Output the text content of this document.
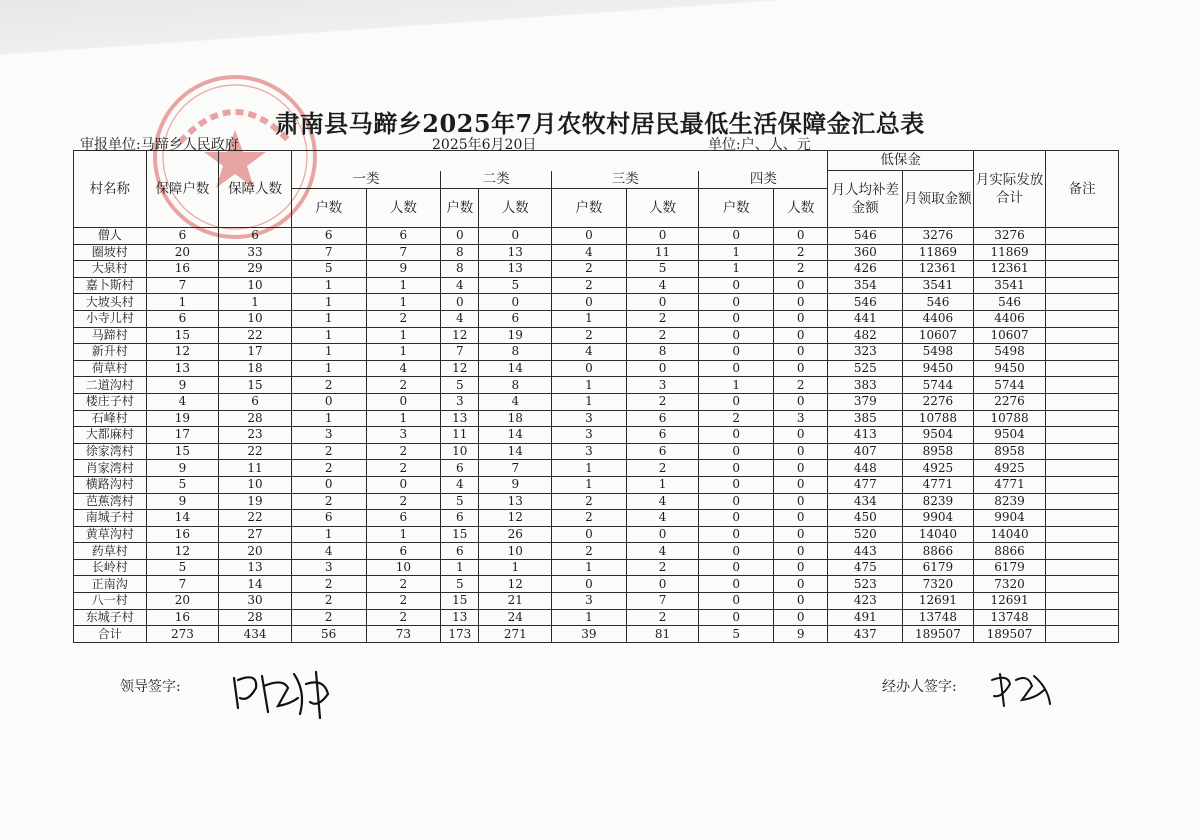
肃南县马蹄乡2025年7月农牧村居民最低生活保障金汇总表
审报单位:马蹄乡人民政府	2025年6月20日	单位:户、人、元
村名称	保障户数	保障人数									低保金		月实际发放合计	备注
			一类		二类		三类		四类		月人均补差金额	月领取金额		
			户数	人数	户数	人数	户数	人数	户数	人数				
僧人	6	6	6	6	0	0	0	0	0	0	546	3276	3276	
圈坡村	20	33	7	7	8	13	4	11	1	2	360	11869	11869	
大泉村	16	29	5	9	8	13	2	5	1	2	426	12361	12361	
嘉卜斯村	7	10	1	1	4	5	2	4	0	0	354	3541	3541	
大坡头村	1	1	1	1	0	0	0	0	0	0	546	546	546	
小寺儿村	6	10	1	2	4	6	1	2	0	0	441	4406	4406	
马蹄村	15	22	1	1	12	19	2	2	0	0	482	10607	10607	
新升村	12	17	1	1	7	8	4	8	0	0	323	5498	5498	
荷草村	13	18	1	4	12	14	0	0	0	0	525	9450	9450	
二道沟村	9	15	2	2	5	8	1	3	1	2	383	5744	5744	
楼庄子村	4	6	0	0	3	4	1	2	0	0	379	2276	2276	
石峰村	19	28	1	1	13	18	3	6	2	3	385	10788	10788	
大都麻村	17	23	3	3	11	14	3	6	0	0	413	9504	9504	
徐家湾村	15	22	2	2	10	14	3	6	0	0	407	8958	8958	
肖家湾村	9	11	2	2	6	7	1	2	0	0	448	4925	4925	
横路沟村	5	10	0	0	4	9	1	1	0	0	477	4771	4771	
芭蕉湾村	9	19	2	2	5	13	2	4	0	0	434	8239	8239	
南城子村	14	22	6	6	6	12	2	4	0	0	450	9904	9904	
黄草沟村	16	27	1	1	15	26	0	0	0	0	520	14040	14040	
药草村	12	20	4	6	6	10	2	4	0	0	443	8866	8866	
长岭村	5	13	3	10	1	1	1	2	0	0	475	6179	6179	
正南沟	7	14	2	2	5	12	0	0	0	0	523	7320	7320	
八一村	20	30	2	2	15	21	3	7	0	0	423	12691	12691	
东城子村	16	28	2	2	13	24	1	2	0	0	491	13748	13748	
合计	273	434	56	73	173	271	39	81	5	9	437	189507	189507	
领导签字:	经办人签字:
